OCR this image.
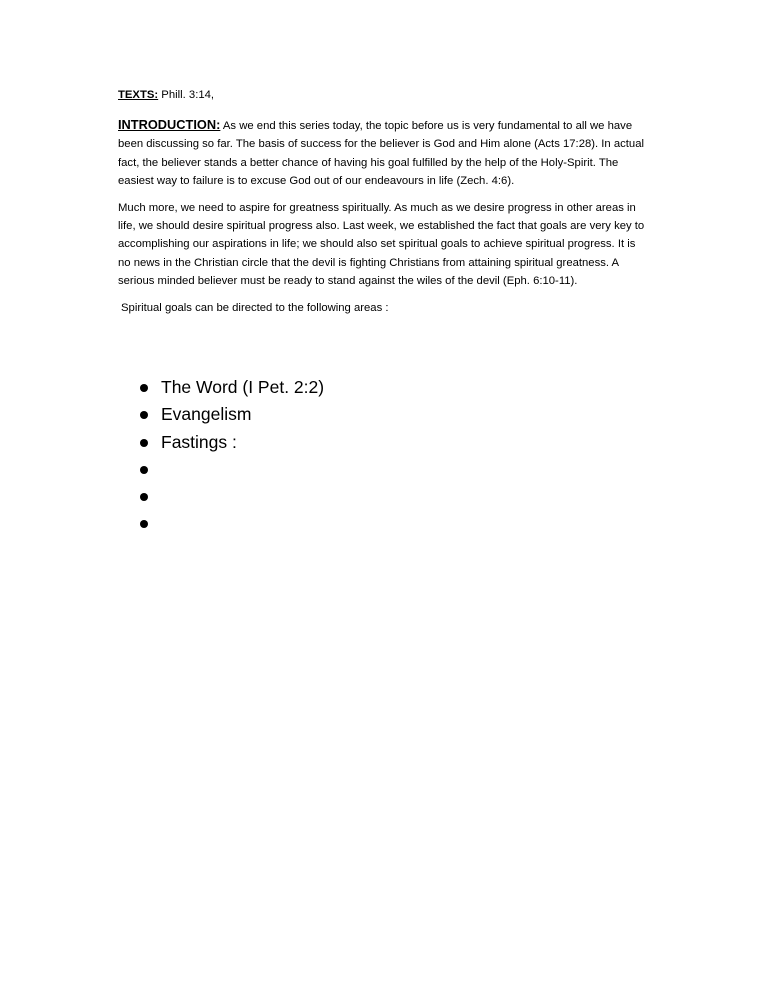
TEXTS: Phill. 3:14,

INTRODUCTION: As we end this series today, the topic before us is very fundamental to all we have been discussing so far. The basis of success for the believer is God and Him alone (Acts 17:28). In actual fact, the believer stands a better chance of having his goal fulfilled by the help of the Holy-Spirit. The easiest way to failure is to excuse God out of our endeavours in life (Zech. 4:6).

Much more, we need to aspire for greatness spiritually. As much as we desire progress in other areas in life, we should desire spiritual progress also. Last week, we established the fact that goals are very key to accomplishing our aspirations in life; we should also set spiritual goals to achieve spiritual progress. It is no news in the Christian circle that the devil is fighting Christians from attaining spiritual greatness. A serious minded believer must be ready to stand against the wiles of the devil (Eph. 6:10-11).

Spiritual goals can be directed to the following areas :

The Word (I Pet. 2:2)
Evangelism
Fastings :
